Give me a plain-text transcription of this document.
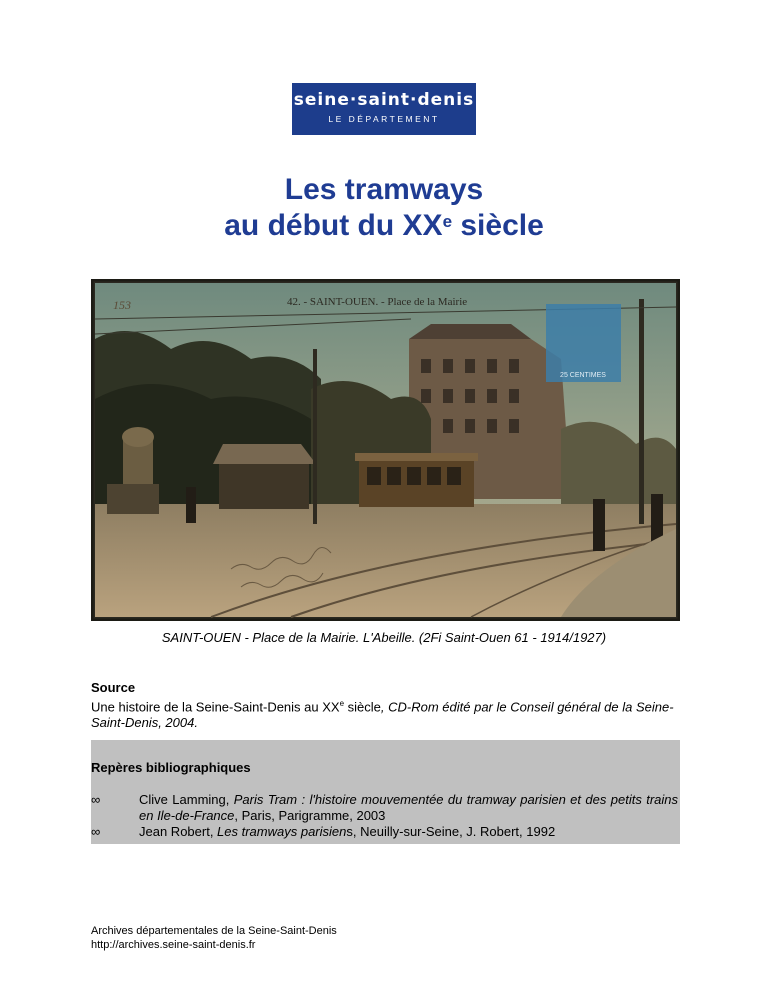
seine·saint·denis
LE DÉPARTEMENT
Les tramways
au début du XXe siècle
25 CENTIMES
42. - SAINT-OUEN. - Place de la Mairie
153
SAINT-OUEN - Place de la Mairie. L'Abeille. (2Fi Saint-Ouen 61 - 1914/1927)
Source
Une histoire de la Seine-Saint-Denis au XXe siècle, CD-Rom édité par le Conseil général de la Seine-Saint-Denis, 2004.
Repères bibliographiques
∞	Clive Lamming, Paris Tram : l'histoire mouvementée du tramway parisien et des petits trains en Ile-de-France, Paris, Parigramme, 2003
∞	Jean Robert, Les tramways parisiens, Neuilly-sur-Seine, J. Robert, 1992
Archives départementales de la Seine-Saint-Denis
http://archives.seine-saint-denis.fr
